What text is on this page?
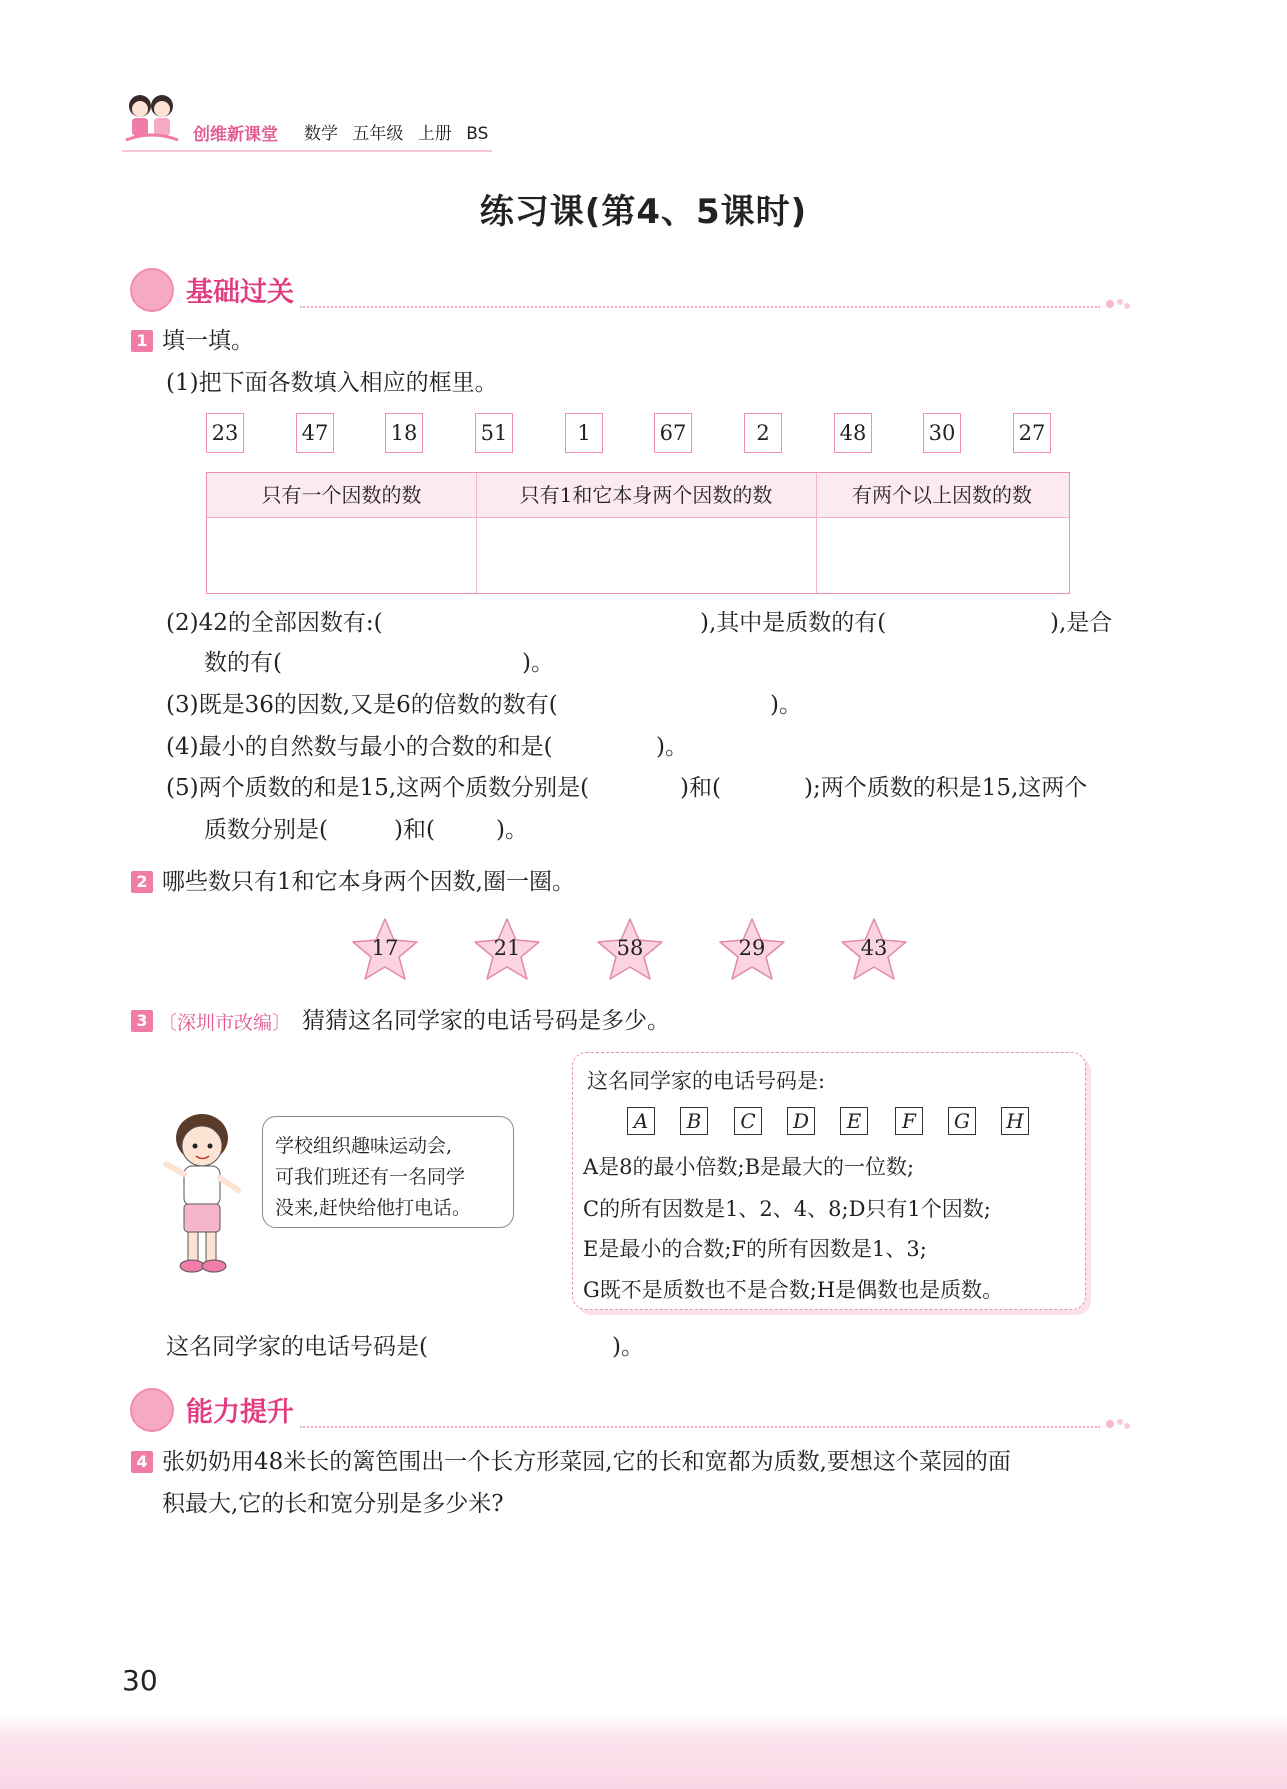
创维新课堂 数学 五年级 上册 BS
练习课(第4、5课时)
基础过关
1 填一填。
(1)把下面各数填入相应的框里。
23	47	18	51	1	67	2	48	30	27
只有一个因数的数	只有1和它本身两个因数的数	有两个以上因数的数
(2)42的全部因数有:(	),其中是质数的有(	),是合
数的有(	)。
(3)既是36的因数,又是6的倍数的数有(	)。
(4)最小的自然数与最小的合数的和是(	)。
(5)两个质数的和是15,这两个质数分别是(	)和(	);两个质数的积是15,这两个
质数分别是(	)和(	)。
2 哪些数只有1和它本身两个因数,圈一圈。
17	21	58	29	43
3 〔深圳市改编〕 猜猜这名同学家的电话号码是多少。
学校组织趣味运动会,
可我们班还有一名同学
没来,赶快给他打电话。
这名同学家的电话号码是:
A	B	C	D	E	F	G	H
A是8的最小倍数;B是最大的一位数;
C的所有因数是1、2、4、8;D只有1个因数;
E是最小的合数;F的所有因数是1、3;
G既不是质数也不是合数;H是偶数也是质数。
这名同学家的电话号码是(	)。
能力提升
4 张奶奶用48米长的篱笆围出一个长方形菜园,它的长和宽都为质数,要想这个菜园的面
积最大,它的长和宽分别是多少米?
30
